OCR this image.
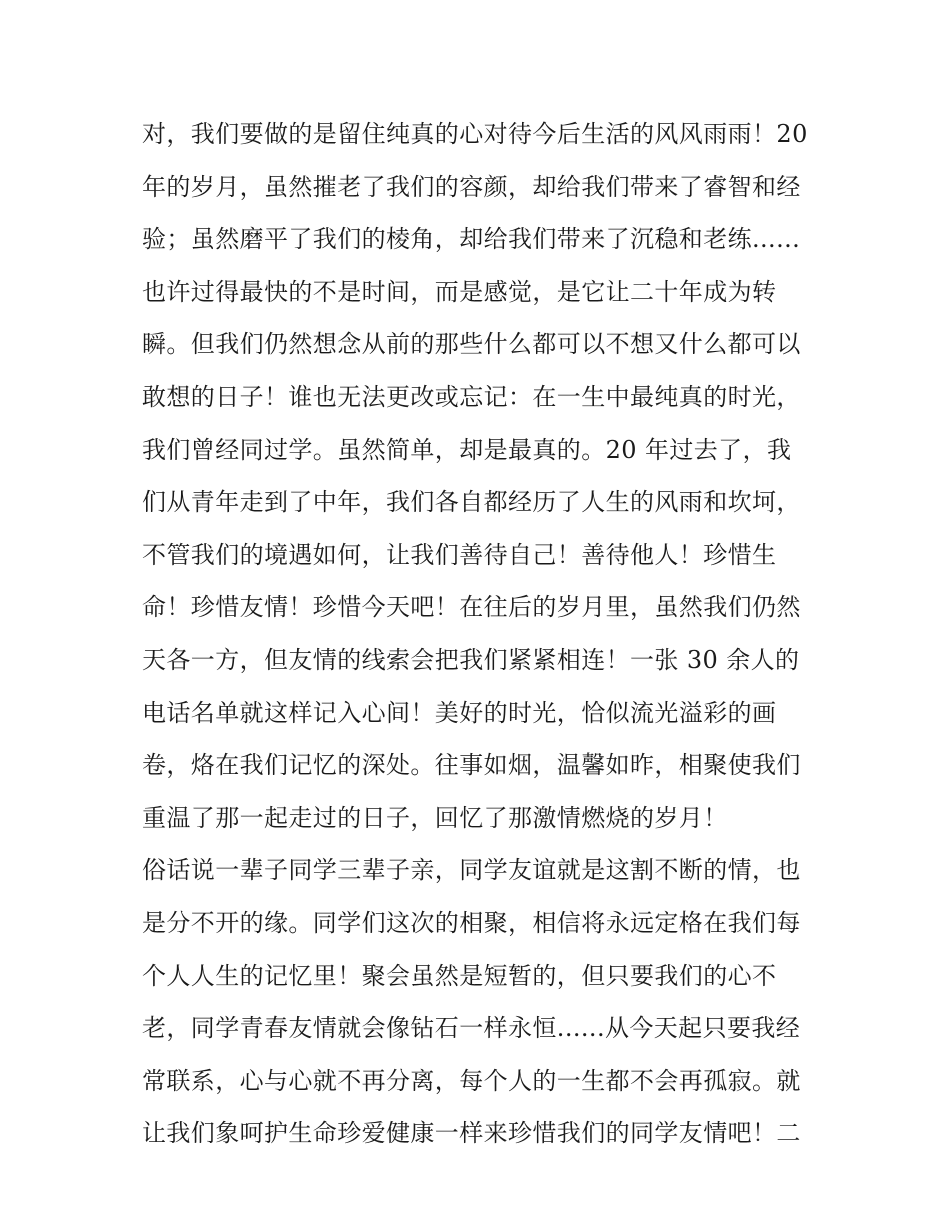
对，我们要做的是留住纯真的心对待今后生活的风风雨雨！20
年的岁月，虽然摧老了我们的容颜，却给我们带来了睿智和经
验；虽然磨平了我们的棱角，却给我们带来了沉稳和老练......
也许过得最快的不是时间，而是感觉，是它让二十年成为转
瞬。但我们仍然想念从前的那些什么都可以不想又什么都可以
敢想的日子！谁也无法更改或忘记：在一生中最纯真的时光，
我们曾经同过学。虽然简单，却是最真的。20 年过去了，我
们从青年走到了中年，我们各自都经历了人生的风雨和坎坷，
不管我们的境遇如何，让我们善待自己！善待他人！珍惜生
命！珍惜友情！珍惜今天吧！在往后的岁月里，虽然我们仍然
天各一方，但友情的线索会把我们紧紧相连！一张 30 余人的
电话名单就这样记入心间！美好的时光，恰似流光溢彩的画
卷，烙在我们记忆的深处。往事如烟，温馨如昨，相聚使我们
重温了那一起走过的日子，回忆了那激情燃烧的岁月！
俗话说一辈子同学三辈子亲，同学友谊就是这割不断的情，也
是分不开的缘。同学们这次的相聚，相信将永远定格在我们每
个人人生的记忆里！聚会虽然是短暂的，但只要我们的心不
老，同学青春友情就会像钻石一样永恒......从今天起只要我经
常联系，心与心就不再分离，每个人的一生都不会再孤寂。就
让我们象呵护生命珍爱健康一样来珍惜我们的同学友情吧！二
